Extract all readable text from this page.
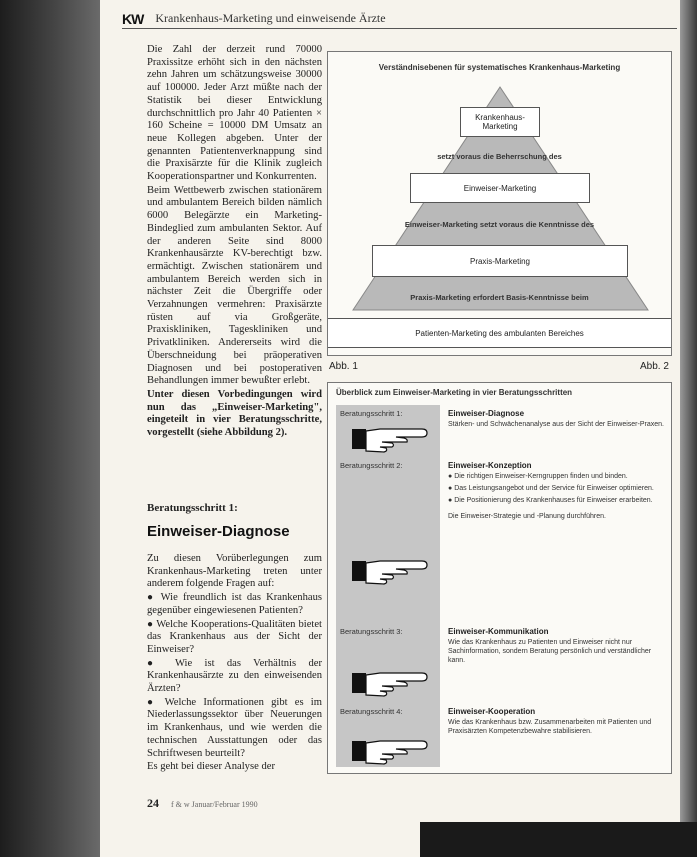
KW Krankenhaus-Marketing und einweisende Ärzte

Die Zahl der derzeit rund 70000 Praxissitze erhöht sich in den nächsten zehn Jahren um schätzungsweise 30000 auf 100000. Jeder Arzt müßte nach der Statistik bei dieser Entwicklung durchschnittlich pro Jahr 40 Patienten × 160 Scheine = 10000 DM Umsatz an neue Kollegen abgeben. Unter der genannten Patientenverknappung sind die Praxisärzte für die Klinik zugleich Kooperationspartner und Konkurrenten.

Beim Wettbewerb zwischen stationärem und ambulantem Bereich bilden nämlich 6000 Belegärzte ein Marketing-Bindeglied zum ambulanten Sektor. Auf der anderen Seite sind 8000 Krankenhausärzte KV-berechtigt bzw. ermächtigt. Zwischen stationärem und ambulantem Bereich werden sich in nächster Zeit die Übergriffe oder Verzahnungen vermehren: Praxisärzte rüsten auf via Großgeräte, Praxiskliniken, Tageskliniken und Privatkliniken. Andererseits wird die Überschneidung bei präoperativen Diagnosen und bei postoperativen Behandlungen immer bewußter erlebt.

Unter diesen Vorbedingungen wird nun das „Einweiser-Marketing", eingeteilt in vier Beratungsschritte, vorgestellt (siehe Abbildung 2).

Beratungsschritt 1:
Einweiser-Diagnose

Zu diesen Vorüberlegungen zum Krankenhaus-Marketing treten unter anderem folgende Fragen auf:

● Wie freundlich ist das Krankenhaus gegenüber eingewiesenen Patienten?

● Welche Kooperations-Qualitäten bietet das Krankenhaus aus der Sicht der Einweiser?

● Wie ist das Verhältnis der Krankenhausärzte zu den einweisenden Ärzten?

● Welche Informationen gibt es im Niederlassungssektor über Neuerungen im Krankenhaus, und wie werden die technischen Ausstattungen oder das Schriftwesen beurteilt?

Es geht bei dieser Analyse der

24 f & w Januar/Februar 1990
Verständnisebenen für systematisches Krankenhaus-Marketing
Krankenhaus-Marketing
setzt voraus die Beherrschung des
Einweiser-Marketing
Einweiser-Marketing setzt voraus die Kenntnisse des
Praxis-Marketing
Praxis-Marketing erfordert Basis-Kenntnisse beim
Patienten-Marketing des ambulanten Bereiches
Abb. 1	Abb. 2
Überblick zum Einweiser-Marketing in vier Beratungsschritten
Beratungsschritt 1:
Beratungsschritt 2:
Beratungsschritt 3:
Beratungsschritt 4:
Einweiser-Diagnose
Stärken- und Schwächenanalyse aus der Sicht der Einweiser-Praxen.
Einweiser-Konzeption
● Die richtigen Einweiser-Kerngruppen finden und binden.
● Das Leistungsangebot und der Service für Einweiser optimieren.
● Die Positionierung des Krankenhauses für Einweiser erarbeiten.
Die Einweiser-Strategie und -Planung durchführen.
Einweiser-Kommunikation
Wie das Krankenhaus zu Patienten und Einweiser nicht nur Sachinformation, sondern Beratung persönlich und verständlicher kann.
Einweiser-Kooperation
Wie das Krankenhaus bzw. Zusammenarbeiten mit Patienten und Praxisärzten Kompetenzbewahre stabilisieren.
